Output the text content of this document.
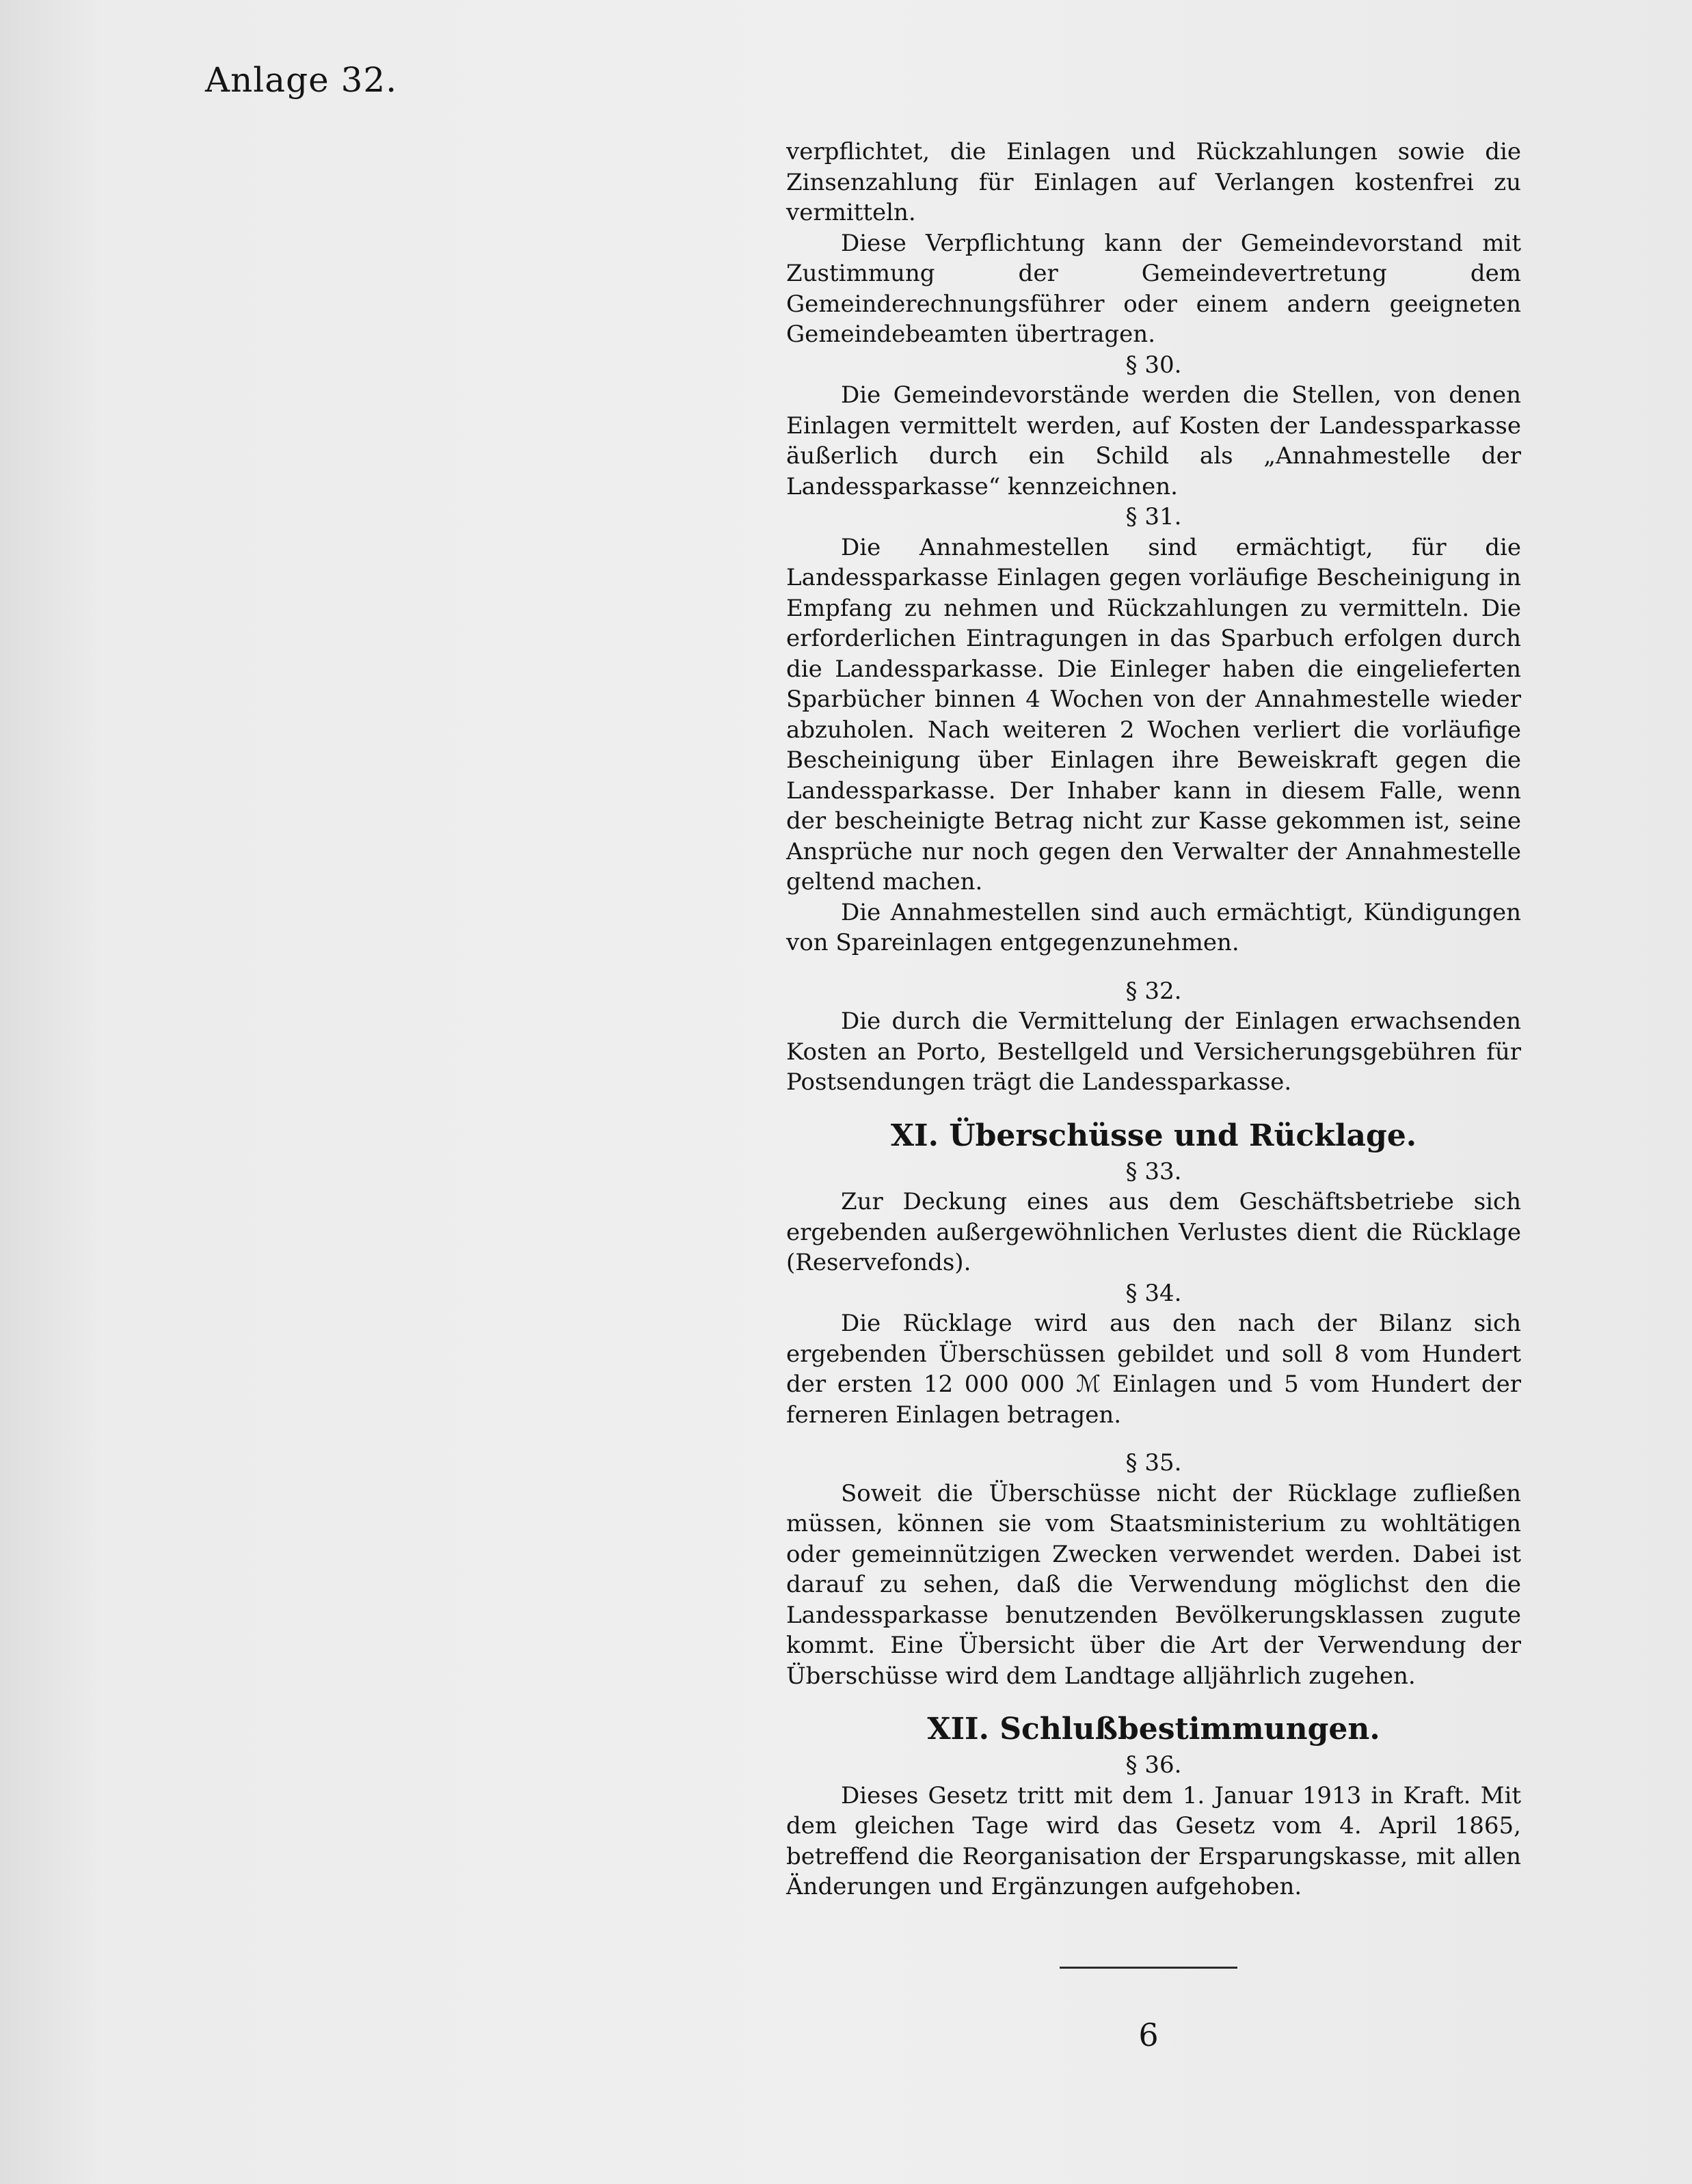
Anlage 32.

verpflichtet, die Einlagen und Rückzahlungen sowie die Zinsenzahlung für Einlagen auf Verlangen kostenfrei zu vermitteln.

Diese Verpflichtung kann der Gemeindevorstand mit Zustimmung der Gemeindevertretung dem Gemeinderechnungsführer oder einem andern geeigneten Gemeindebeamten übertragen.

§ 30.

Die Gemeindevorstände werden die Stellen, von denen Einlagen vermittelt werden, auf Kosten der Landessparkasse äußerlich durch ein Schild als „Annahmestelle der Landessparkasse“ kennzeichnen.

§ 31.

Die Annahmestellen sind ermächtigt, für die Landessparkasse Einlagen gegen vorläufige Bescheinigung in Empfang zu nehmen und Rückzahlungen zu vermitteln. Die erforderlichen Eintragungen in das Sparbuch erfolgen durch die Landessparkasse. Die Einleger haben die eingelieferten Sparbücher binnen 4 Wochen von der Annahmestelle wieder abzuholen. Nach weiteren 2 Wochen verliert die vorläufige Bescheinigung über Einlagen ihre Beweiskraft gegen die Landessparkasse. Der Inhaber kann in diesem Falle, wenn der bescheinigte Betrag nicht zur Kasse gekommen ist, seine Ansprüche nur noch gegen den Verwalter der Annahmestelle geltend machen.

Die Annahmestellen sind auch ermächtigt, Kündigungen von Spareinlagen entgegenzunehmen.

§ 32.

Die durch die Vermittelung der Einlagen erwachsenden Kosten an Porto, Bestellgeld und Versicherungsgebühren für Postsendungen trägt die Landessparkasse.

XI. Überschüsse und Rücklage.
§ 33.

Zur Deckung eines aus dem Geschäftsbetriebe sich ergebenden außergewöhnlichen Verlustes dient die Rücklage (Reservefonds).

§ 34.

Die Rücklage wird aus den nach der Bilanz sich ergebenden Überschüssen gebildet und soll 8 vom Hundert der ersten 12 000 000 ℳ Einlagen und 5 vom Hundert der ferneren Einlagen betragen.

§ 35.

Soweit die Überschüsse nicht der Rücklage zufließen müssen, können sie vom Staatsministerium zu wohltätigen oder gemeinnützigen Zwecken verwendet werden. Dabei ist darauf zu sehen, daß die Verwendung möglichst den die Landessparkasse benutzenden Bevölkerungsklassen zugute kommt. Eine Übersicht über die Art der Verwendung der Überschüsse wird dem Landtage alljährlich zugehen.

XII. Schlußbestimmungen.
§ 36.

Dieses Gesetz tritt mit dem 1. Januar 1913 in Kraft. Mit dem gleichen Tage wird das Gesetz vom 4. April 1865, betreffend die Reorganisation der Ersparungskasse, mit allen Änderungen und Ergänzungen aufgehoben.

6
